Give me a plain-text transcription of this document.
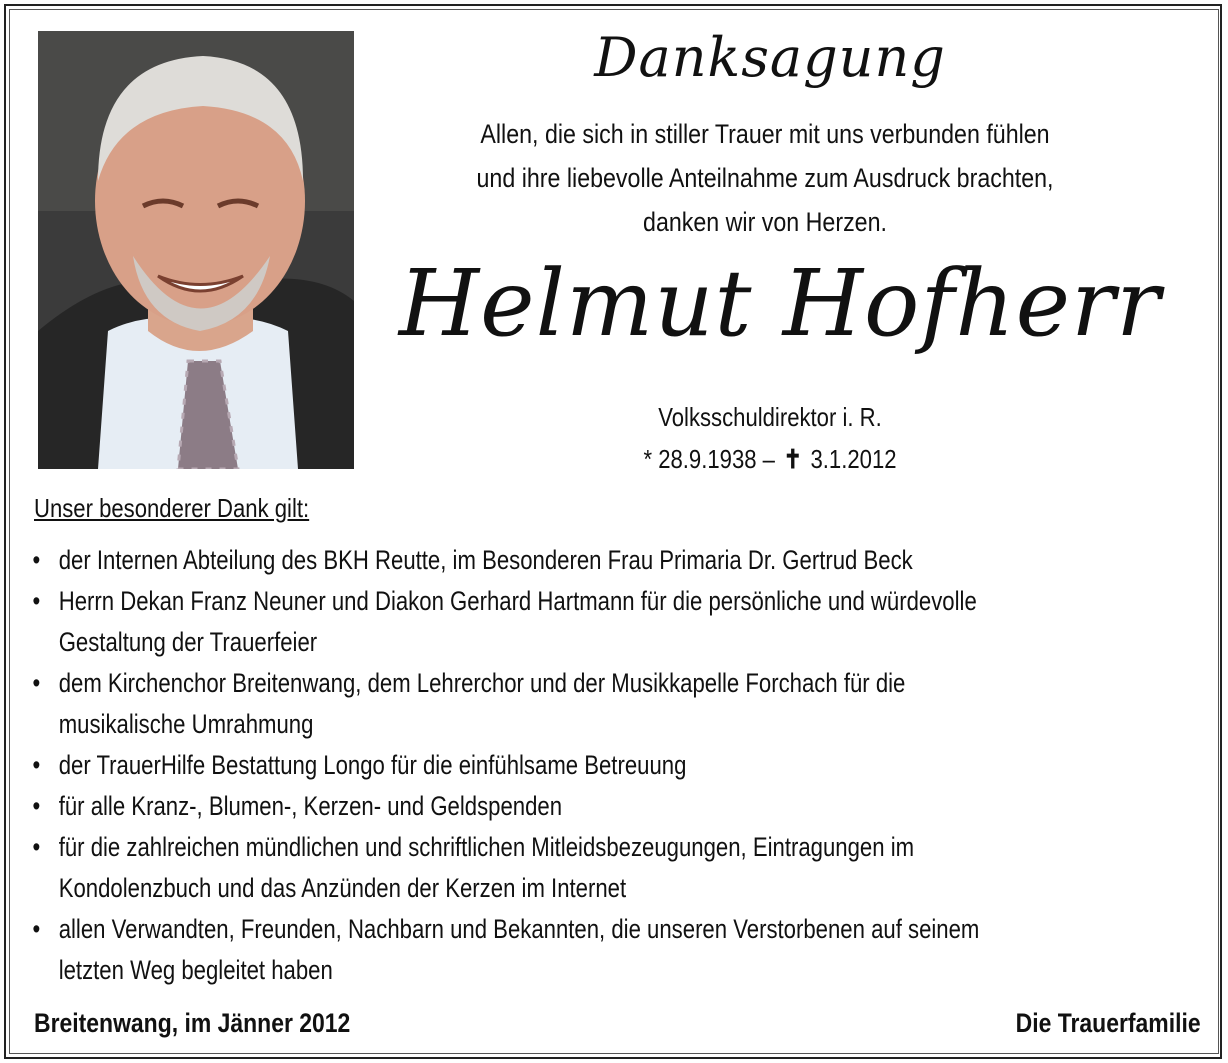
Danksagung
Allen, die sich in stiller Trauer mit uns verbunden fühlen
und ihre liebevolle Anteilnahme zum Ausdruck brachten,
danken wir von Herzen.
Helmut Hofherr
Volksschuldirektor i. R.
* 28.9.1938 – ✝ 3.1.2012
Unser besonderer Dank gilt:
• der Internen Abteilung des BKH Reutte, im Besonderen Frau Primaria Dr. Gertrud Beck
• Herrn Dekan Franz Neuner und Diakon Gerhard Hartmann für die persönliche und würdevolle
Gestaltung der Trauerfeier
• dem Kirchenchor Breitenwang, dem Lehrerchor und der Musikkapelle Forchach für die
musikalische Umrahmung
• der TrauerHilfe Bestattung Longo für die einfühlsame Betreuung
• für alle Kranz-, Blumen-, Kerzen- und Geldspenden
• für die zahlreichen mündlichen und schriftlichen Mitleidsbezeugungen, Eintragungen im
Kondolenzbuch und das Anzünden der Kerzen im Internet
• allen Verwandten, Freunden, Nachbarn und Bekannten, die unseren Verstorbenen auf seinem
letzten Weg begleitet haben
Breitenwang, im Jänner 2012	Die Trauerfamilie
